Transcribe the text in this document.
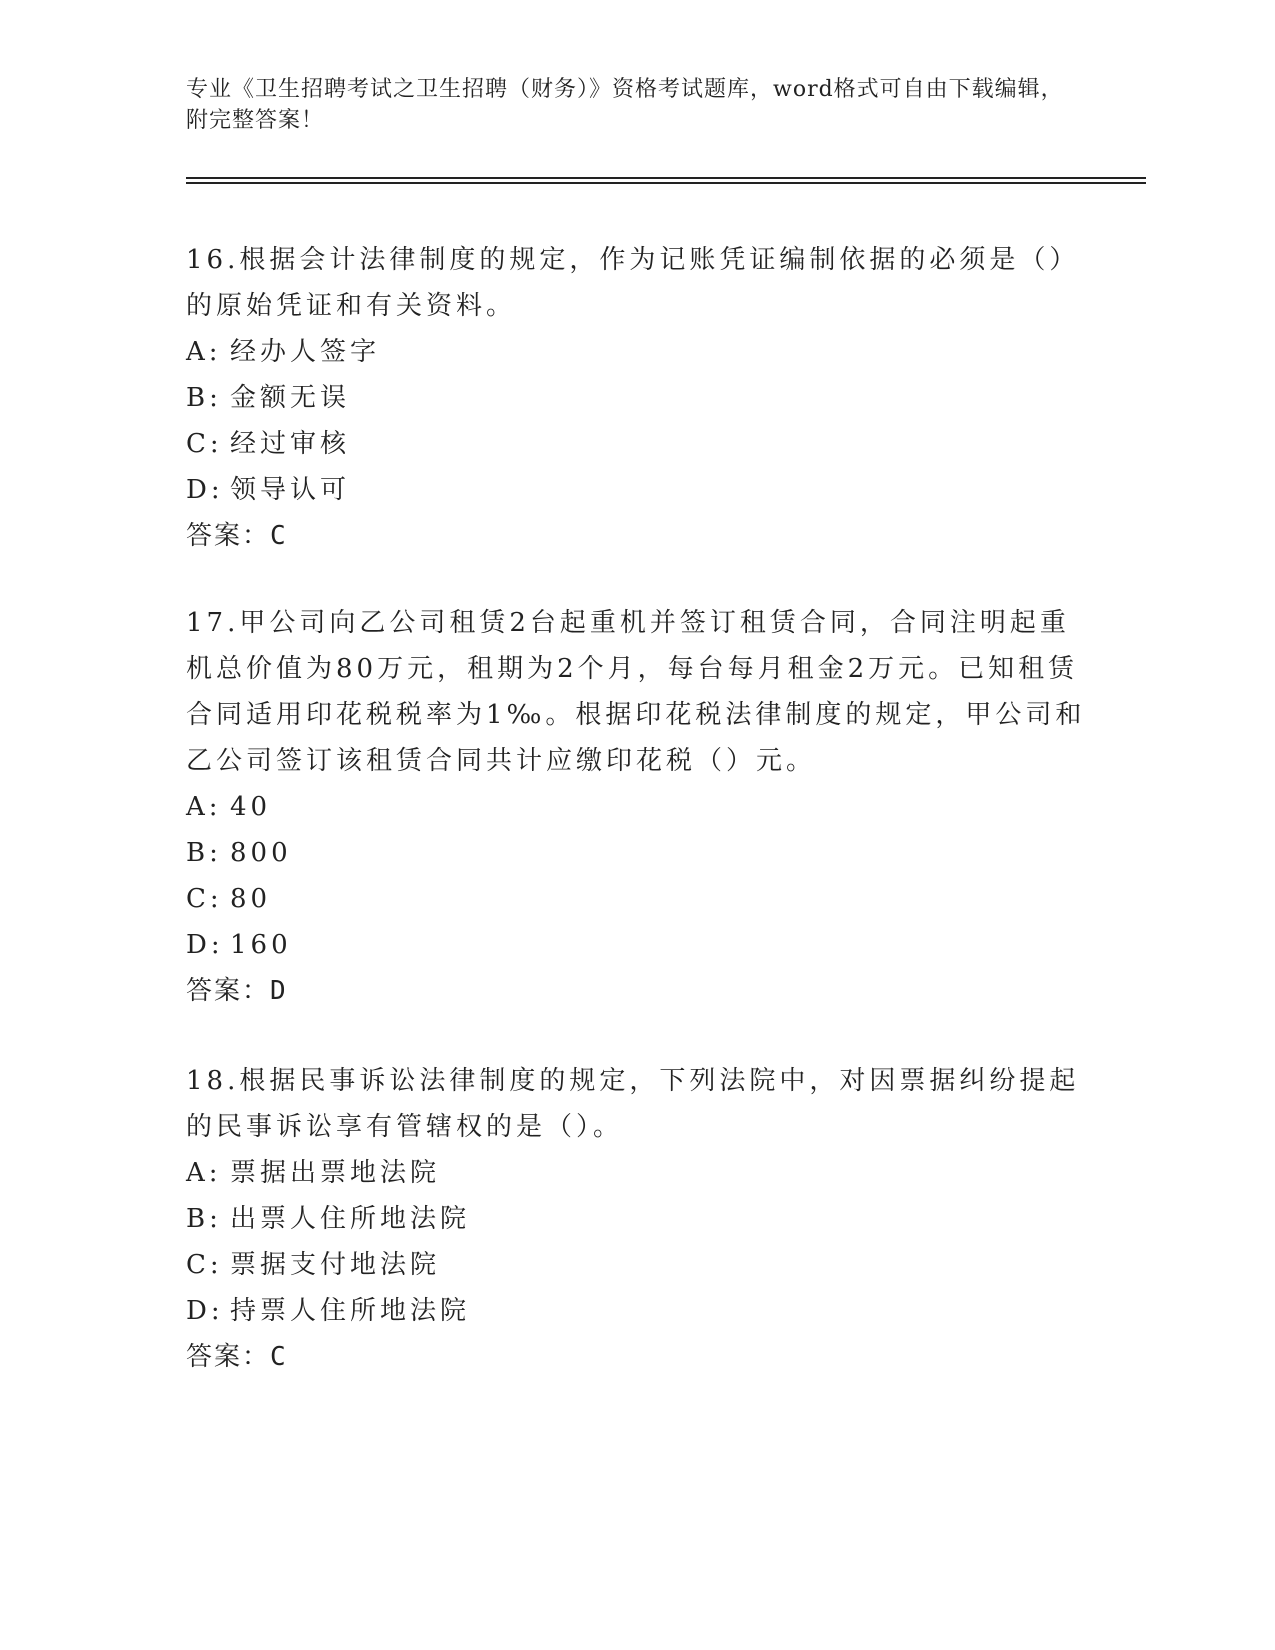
专业《卫生招聘考试之卫生招聘（财务）》资格考试题库，word格式可自由下载编辑，附完整答案！

16.根据会计法律制度的规定，作为记账凭证编制依据的必须是（）的原始凭证和有关资料。

A: 经办人签字
B: 金额无误
C: 经过审核
D: 领导认可
答案：C

17.甲公司向乙公司租赁2台起重机并签订租赁合同，合同注明起重机总价值为80万元，租期为2个月，每台每月租金2万元。已知租赁合同适用印花税税率为1‰。根据印花税法律制度的规定，甲公司和乙公司签订该租赁合同共计应缴印花税（）元。

A: 40
B: 800
C: 80
D: 160
答案：D

18.根据民事诉讼法律制度的规定，下列法院中，对因票据纠纷提起的民事诉讼享有管辖权的是（）。

A: 票据出票地法院
B: 出票人住所地法院
C: 票据支付地法院
D: 持票人住所地法院
答案：C
